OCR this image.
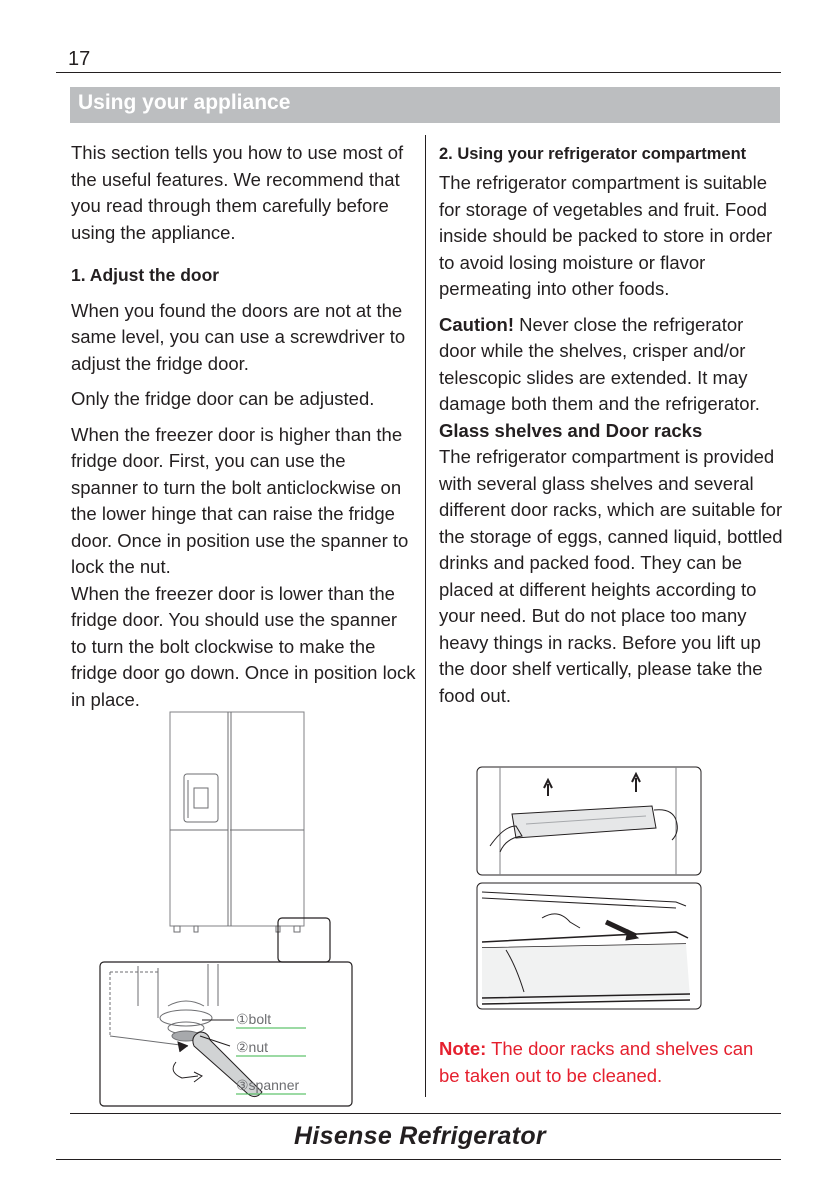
17
Using your appliance

This section tells you how to use most of the useful features. We recommend that you read through them carefully before using the appliance.

1. Adjust the door

When you found the doors are not at the same level, you can use a screwdriver to adjust the fridge door.

Only the fridge door can be adjusted.

When the freezer door is higher than the fridge door. First, you can use the spanner to turn the bolt anticlockwise on the lower hinge that can raise the fridge door. Once in position use the spanner to lock the nut.

When the freezer door is lower than the fridge door. You should use the spanner to turn the bolt clockwise to make the fridge door go down. Once in position lock in place.

①bolt
②nut
③spanner

2. Using your refrigerator compartment

The refrigerator compartment is suitable for storage of vegetables and fruit. Food inside should be packed to store in order to avoid losing moisture or flavor permeating into other foods.

Caution! Never close the refrigerator door while the shelves, crisper and/or telescopic slides are extended. It may damage both them and the refrigerator.

Glass shelves and Door racks

The refrigerator compartment is provided with several glass shelves and several different door racks, which are suitable for the storage of eggs, canned liquid, bottled drinks and packed food. They can be placed at different heights according to your need. But do not place too many heavy things in racks. Before you lift up the door shelf vertically, please take the food out.

Note: The door racks and shelves can be taken out to be cleaned.
Hisense Refrigerator
